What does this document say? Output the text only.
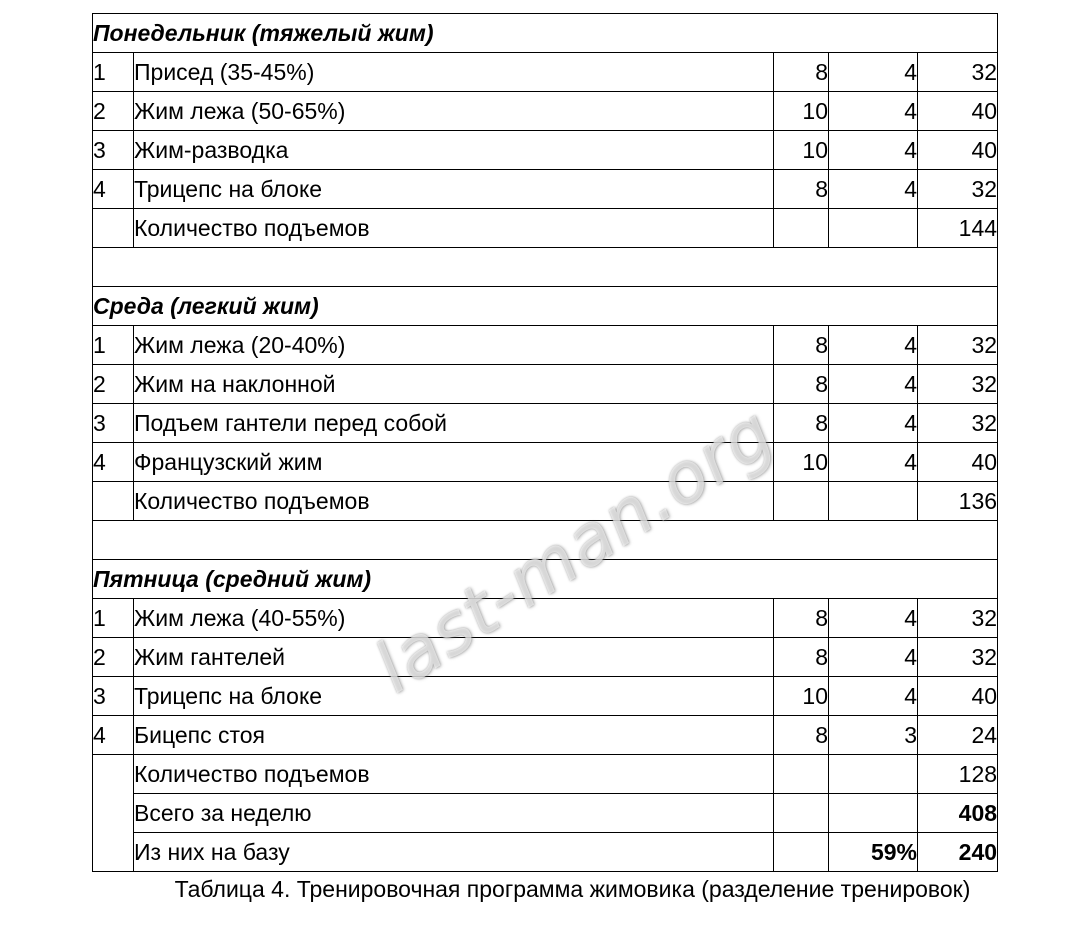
Понедельник (тяжелый жим)				
1	Присед (35-45%)	8	4	32
2	Жим лежа (50-65%)	10	4	40
3	Жим-разводка	10	4	40
4	Трицепс на блоке	8	4	32
	Количество подъемов			144

Среда (легкий жим)				
1	Жим лежа (20-40%)	8	4	32
2	Жим на наклонной	8	4	32
3	Подъем гантели перед собой	8	4	32
4	Французский жим	10	4	40
	Количество подъемов			136

Пятница (средний жим)				
1	Жим лежа (40-55%)	8	4	32
2	Жим гантелей	8	4	32
3	Трицепс на блоке	10	4	40
4	Бицепс стоя	8	3	24
	Количество подъемов			128
	Всего за неделю			408
	Из них на базу		59%	240
Таблица 4. Тренировочная программа жимовика (разделение тренировок)
last-man.org
